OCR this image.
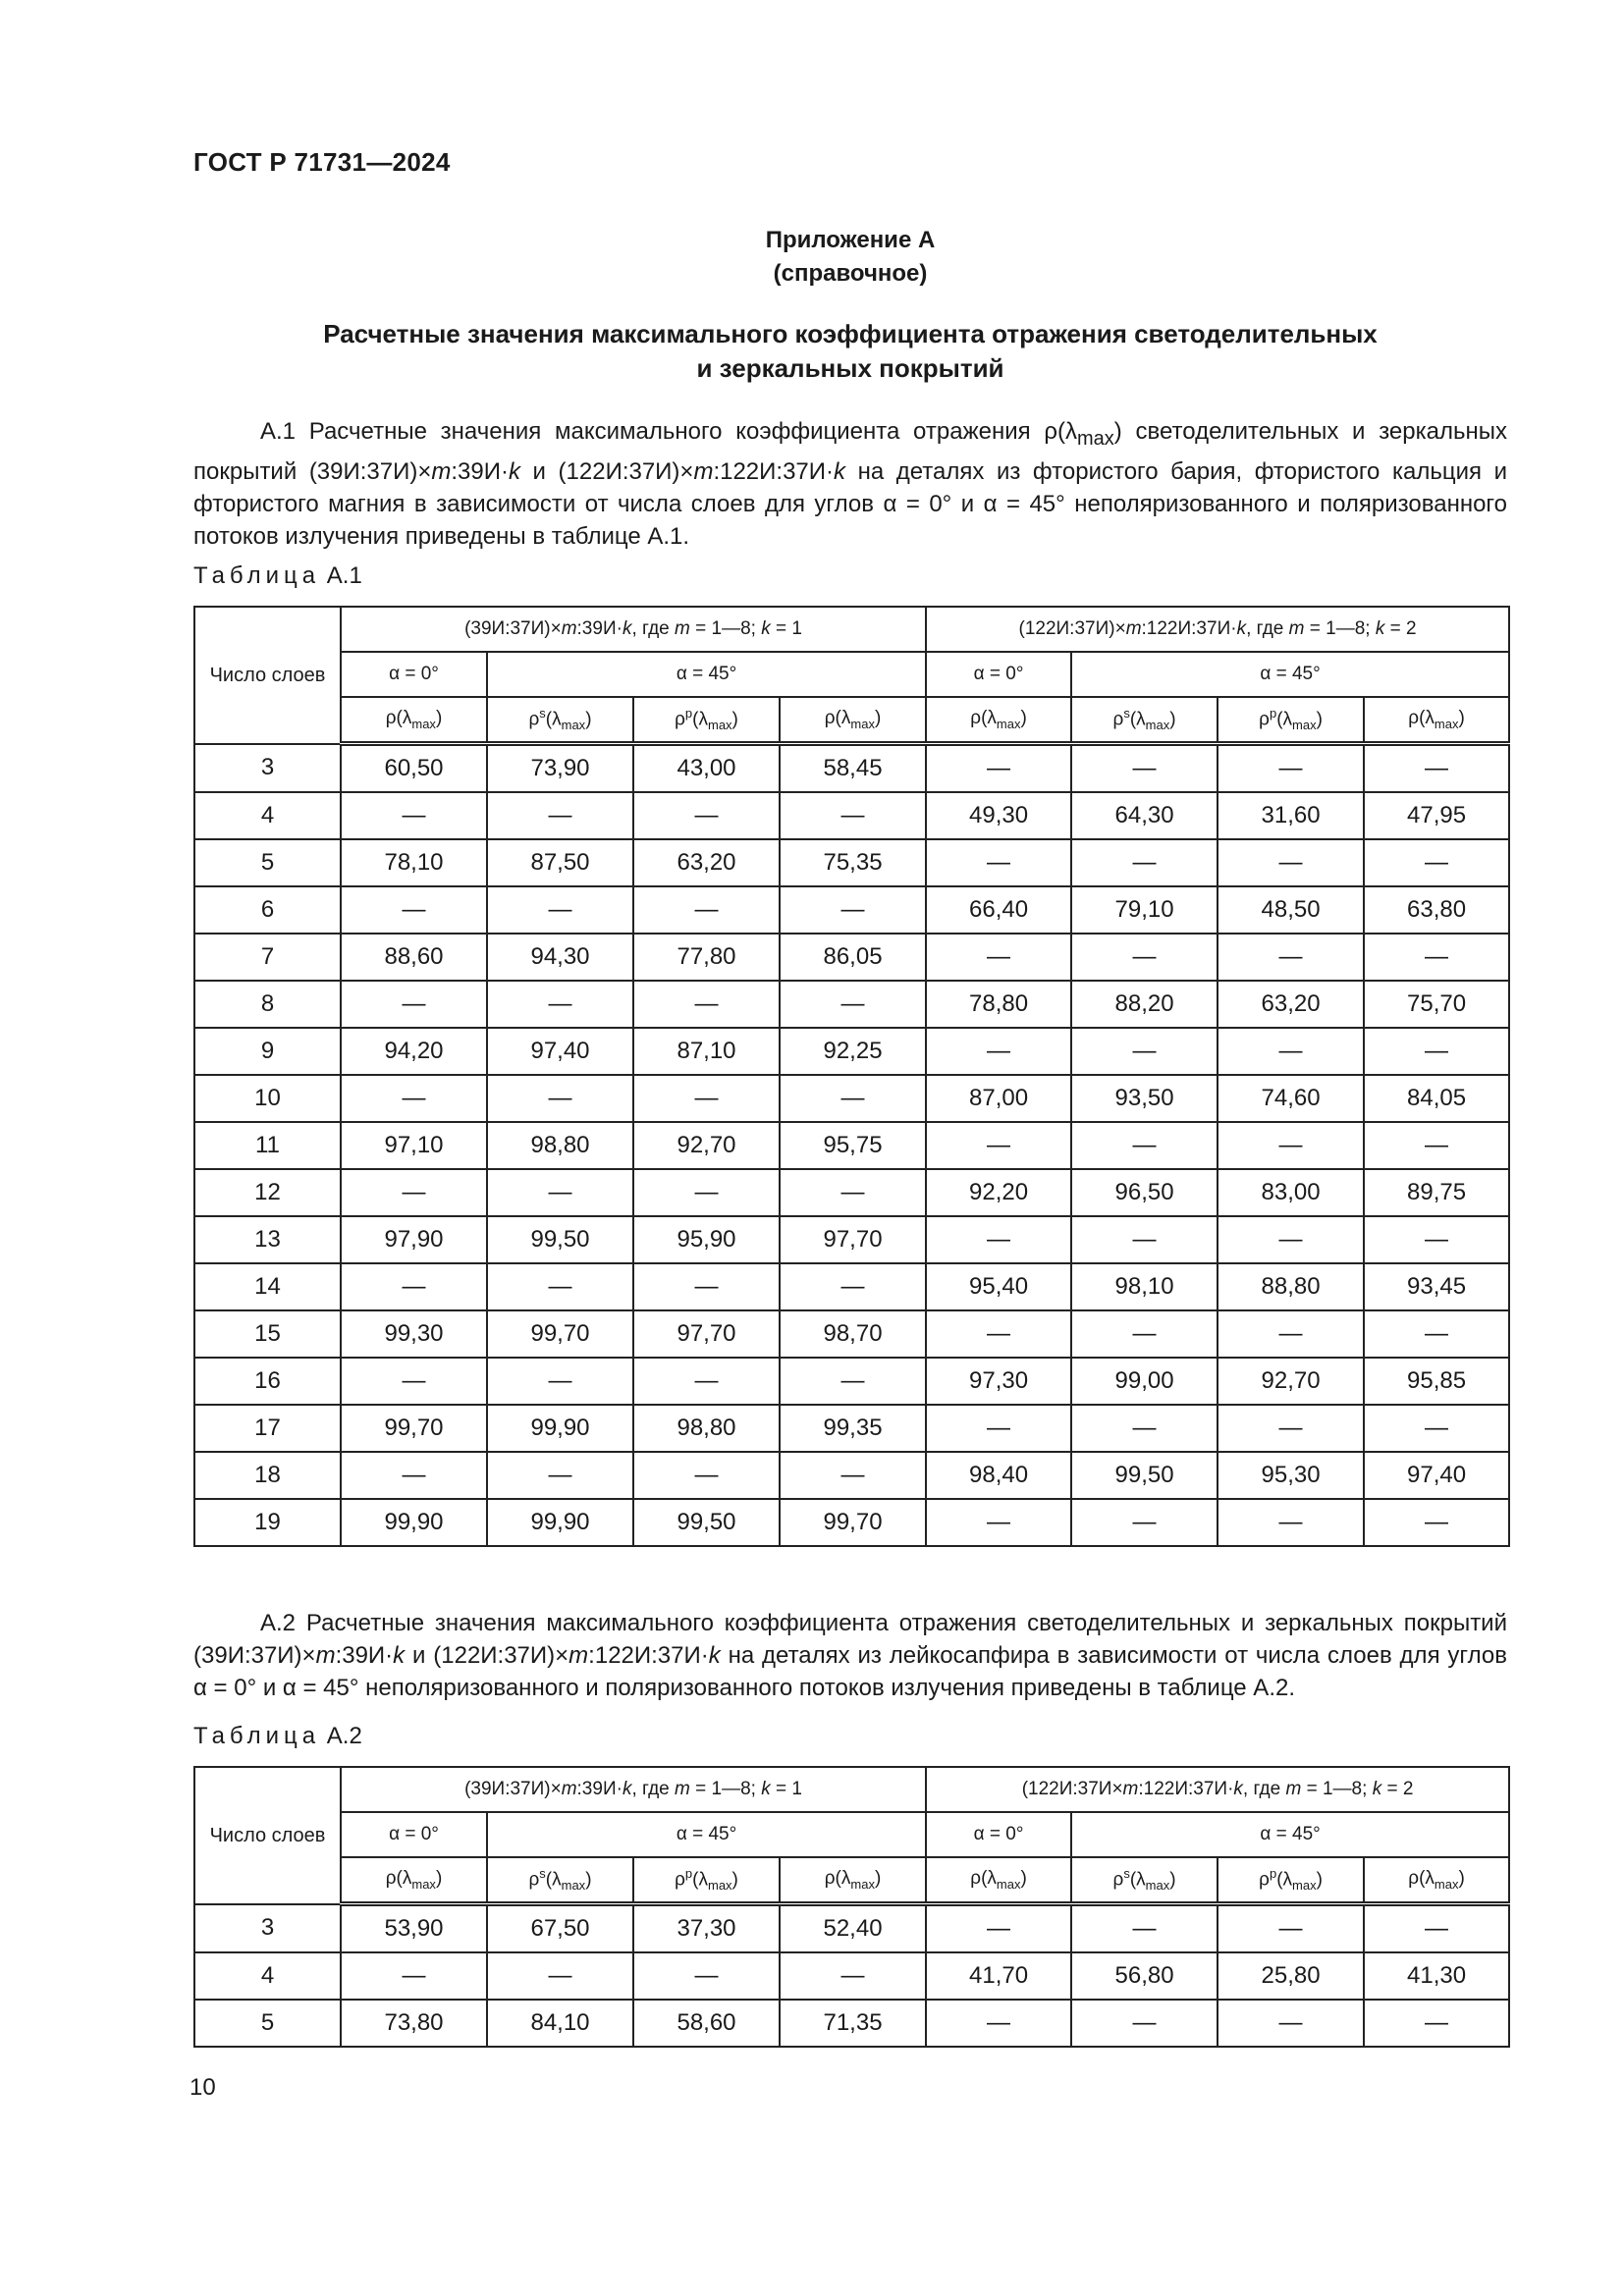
ГОСТ Р 71731—2024
Приложение А
(справочное)
Расчетные значения максимального коэффициента отражения светоделительных
и зеркальных покрытий

А.1 Расчетные значения максимального коэффициента отражения $\rho(\lambda_{max})$ светоделительных и зеркальных покрытий (39И:37И)×m:39И·k и (122И:37И)×m:122И:37И·k на деталях из фтористого бария, фтористого кальция и фтористого магния в зависимости от числа слоев для углов α = 0° и α = 45° неполяризованного и поляризованного потоков излучения приведены в таблице А.1.

Таблица А.1
Число слоев	(39И:37И)×m:39И·k, где m = 1—8; k = 1				(122И:37И)×m:122И:37И·k, где m = 1—8; k = 2			
	α = 0°	α = 45°			α = 0°	α = 45°		
	$\rho(\lambda_{max})$	$\rho^s(\lambda_{max})$	$\rho^p(\lambda_{max})$	$\rho(\lambda_{max})$	$\rho(\lambda_{max})$	$\rho^s(\lambda_{max})$	$\rho^p(\lambda_{max})$	$\rho(\lambda_{max})$
3	60,50	73,90	43,00	58,45	—	—	—	—
4	—	—	—	—	49,30	64,30	31,60	47,95
5	78,10	87,50	63,20	75,35	—	—	—	—
6	—	—	—	—	66,40	79,10	48,50	63,80
7	88,60	94,30	77,80	86,05	—	—	—	—
8	—	—	—	—	78,80	88,20	63,20	75,70
9	94,20	97,40	87,10	92,25	—	—	—	—
10	—	—	—	—	87,00	93,50	74,60	84,05
11	97,10	98,80	92,70	95,75	—	—	—	—
12	—	—	—	—	92,20	96,50	83,00	89,75
13	97,90	99,50	95,90	97,70	—	—	—	—
14	—	—	—	—	95,40	98,10	88,80	93,45
15	99,30	99,70	97,70	98,70	—	—	—	—
16	—	—	—	—	97,30	99,00	92,70	95,85
17	99,70	99,90	98,80	99,35	—	—	—	—
18	—	—	—	—	98,40	99,50	95,30	97,40
19	99,90	99,90	99,50	99,70	—	—	—	—

А.2 Расчетные значения максимального коэффициента отражения светоделительных и зеркальных покрытий (39И:37И)×m:39И·k и (122И:37И)×m:122И:37И·k на деталях из лейкосапфира в зависимости от числа слоев для углов α = 0° и α = 45° неполяризованного и поляризованного потоков излучения приведены в таблице А.2.

Таблица А.2
Число слоев	(39И:37И)×m:39И·k, где m = 1—8; k = 1				(122И:37И×m:122И:37И·k, где m = 1—8; k = 2			
	α = 0°	α = 45°			α = 0°	α = 45°		
	$\rho(\lambda_{max})$	$\rho^s(\lambda_{max})$	$\rho^p(\lambda_{max})$	$\rho(\lambda_{max})$	$\rho(\lambda_{max})$	$\rho^s(\lambda_{max})$	$\rho^p(\lambda_{max})$	$\rho(\lambda_{max})$
3	53,90	67,50	37,30	52,40	—	—	—	—
4	—	—	—	—	41,70	56,80	25,80	41,30
5	73,80	84,10	58,60	71,35	—	—	—	—
10
